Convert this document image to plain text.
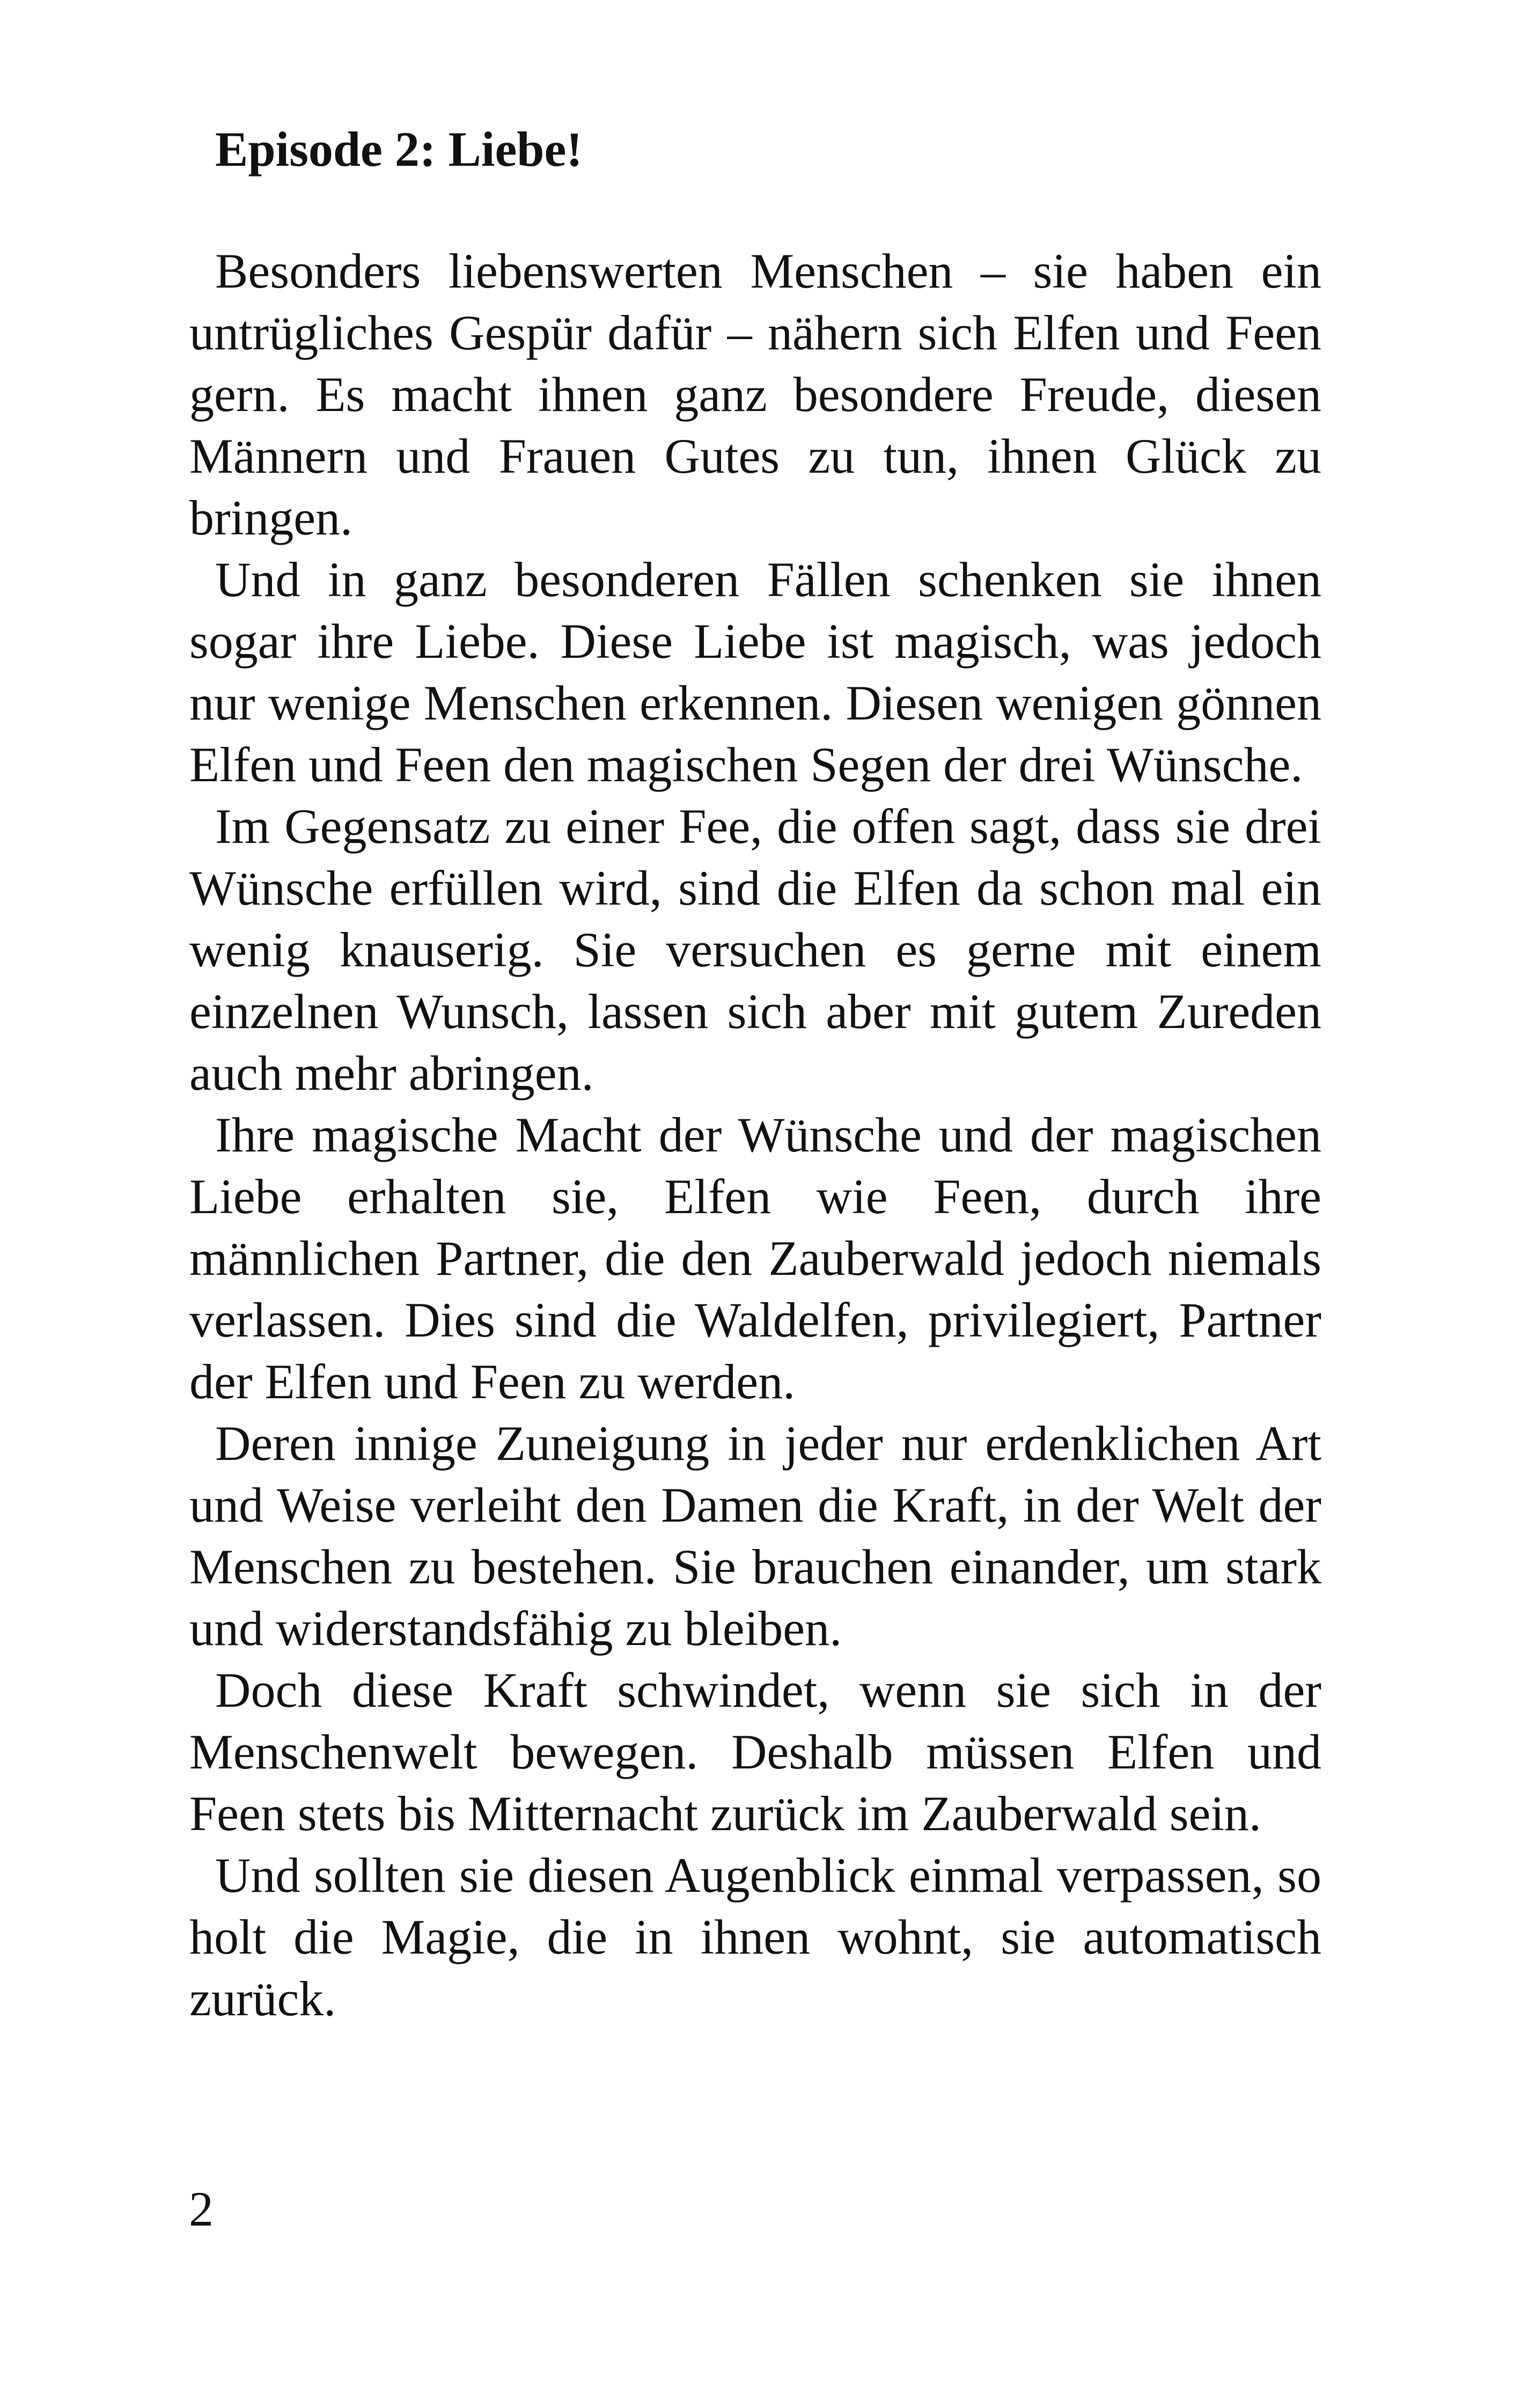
Episode 2: Liebe!

Besonders liebenswerten Menschen – sie haben ein untrügliches Gespür dafür – nähern sich Elfen und Feen gern. Es macht ihnen ganz besondere Freude, diesen Männern und Frauen Gutes zu tun, ihnen Glück zu bringen.

Und in ganz besonderen Fällen schenken sie ihnen sogar ihre Liebe. Diese Liebe ist magisch, was jedoch nur wenige Menschen erkennen. Diesen wenigen gönnen Elfen und Feen den magischen Segen der drei Wünsche.

Im Gegensatz zu einer Fee, die offen sagt, dass sie drei Wünsche erfüllen wird, sind die Elfen da schon mal ein wenig knauserig. Sie versuchen es gerne mit einem einzelnen Wunsch, lassen sich aber mit gutem Zureden auch mehr abringen.

Ihre magische Macht der Wünsche und der magischen Liebe erhalten sie, Elfen wie Feen, durch ihre männlichen Partner, die den Zauberwald jedoch niemals verlassen. Dies sind die Waldelfen, privilegiert, Partner der Elfen und Feen zu werden.

Deren innige Zuneigung in jeder nur erdenklichen Art und Weise verleiht den Damen die Kraft, in der Welt der Menschen zu bestehen. Sie brauchen einander, um stark und widerstandsfähig zu bleiben.

Doch diese Kraft schwindet, wenn sie sich in der Menschenwelt bewegen. Deshalb müssen Elfen und Feen stets bis Mitternacht zurück im Zauberwald sein.

Und sollten sie diesen Augenblick einmal verpassen, so holt die Magie, die in ihnen wohnt, sie automatisch zurück.

2
